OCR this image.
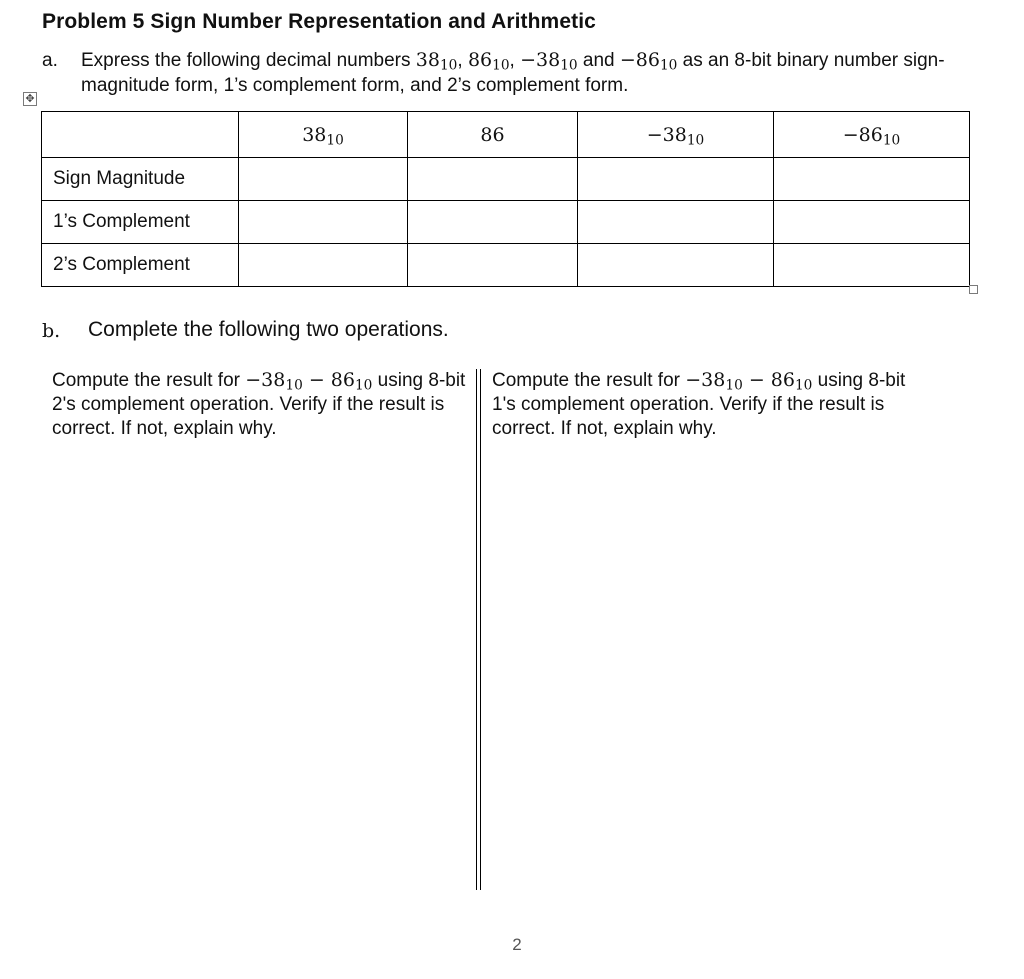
Problem 5 Sign Number Representation and Arithmetic
a. Express the following decimal numbers $38_{10}$, $86_{10}$, $-38_{10}$ and $-86_{10}$ as an 8-bit binary number sign-magnitude form, 1’s complement form, and 2’s complement form.
✥
	$38_{10}$	86	$-38_{10}$	$-86_{10}$
Sign Magnitude				
1’s Complement				
2’s Complement				
b. Complete the following two operations.
Compute the result for $-38_{10} - 86_{10}$ using 8-bit 2's complement operation. Verify if the result is correct. If not, explain why.
Compute the result for $-38_{10} - 86_{10}$ using 8-bit 1's complement operation. Verify if the result is correct. If not, explain why.
2
